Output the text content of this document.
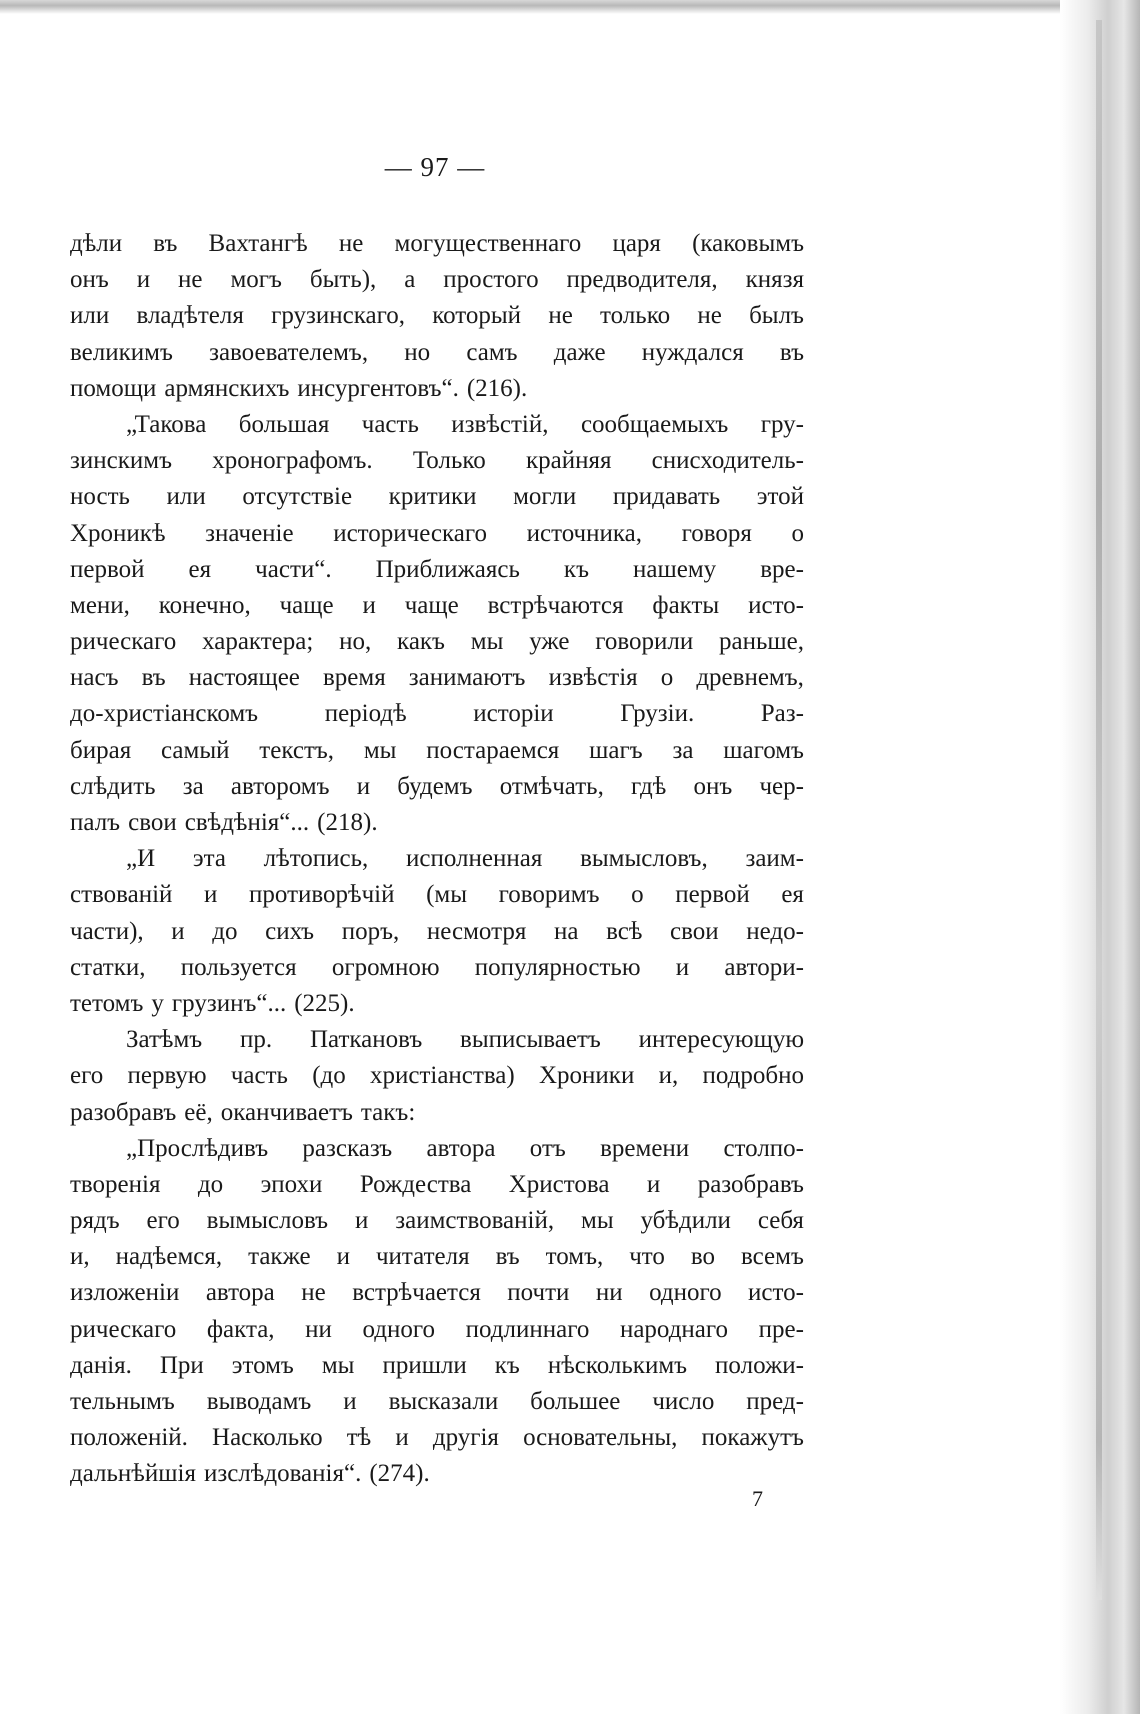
— 97 —
дѣли въ Вахтангѣ не могущественнаго царя (каковымъ
онъ и не могъ быть), а простого предводителя, князя
или владѣтеля грузинскаго, который не только не былъ
великимъ завоевателемъ, но самъ даже нуждался въ
помощи армянскихъ инсургентовъ“. (216).
„Такова большая часть извѣстій, сообщаемыхъ гру-
зинскимъ хронографомъ. Только крайняя снисходитель-
ность или отсутствіе критики могли придавать этой
Хроникѣ значеніе историческаго источника, говоря о
первой ея части“. Приближаясь къ нашему вре-
мени, конечно, чаще и чаще встрѣчаются факты исто-
рическаго характера; но, какъ мы уже говорили раньше,
насъ въ настоящее время занимаютъ извѣстія о древнемъ,
до-христіанскомъ	періодѣ	исторіи	Грузіи.	Раз-
бирая самый текстъ, мы постараемся шагъ за шагомъ
слѣдить за авторомъ и будемъ отмѣчать, гдѣ онъ чер-
палъ свои свѣдѣнія“... (218).
„И эта лѣтопись, исполненная вымысловъ, заим-
ствованій и противорѣчій (мы говоримъ о первой ея
части), и до сихъ поръ, несмотря на всѣ свои недо-
статки, пользуется огромною популярностью и автори-
тетомъ у грузинъ“... (225).
Затѣмъ пр. Паткановъ выписываетъ интересующую
его первую часть (до христіанства) Хроники и, подробно
разобравъ её, оканчиваетъ такъ:
„Прослѣдивъ разсказъ автора отъ времени столпо-
творенія до эпохи Рождества Христова и разобравъ
рядъ его вымысловъ и заимствованій, мы убѣдили себя
и, надѣемся, также и читателя въ томъ, что во всемъ
изложеніи автора не встрѣчается почти ни одного исто-
рическаго факта, ни одного подлиннаго народнаго пре-
данія. При этомъ мы пришли къ нѣсколькимъ положи-
тельнымъ выводамъ и высказали большее число пред-
положеній. Насколько тѣ и другія основательны, покажутъ
дальнѣйшія изслѣдованія“. (274).
7
